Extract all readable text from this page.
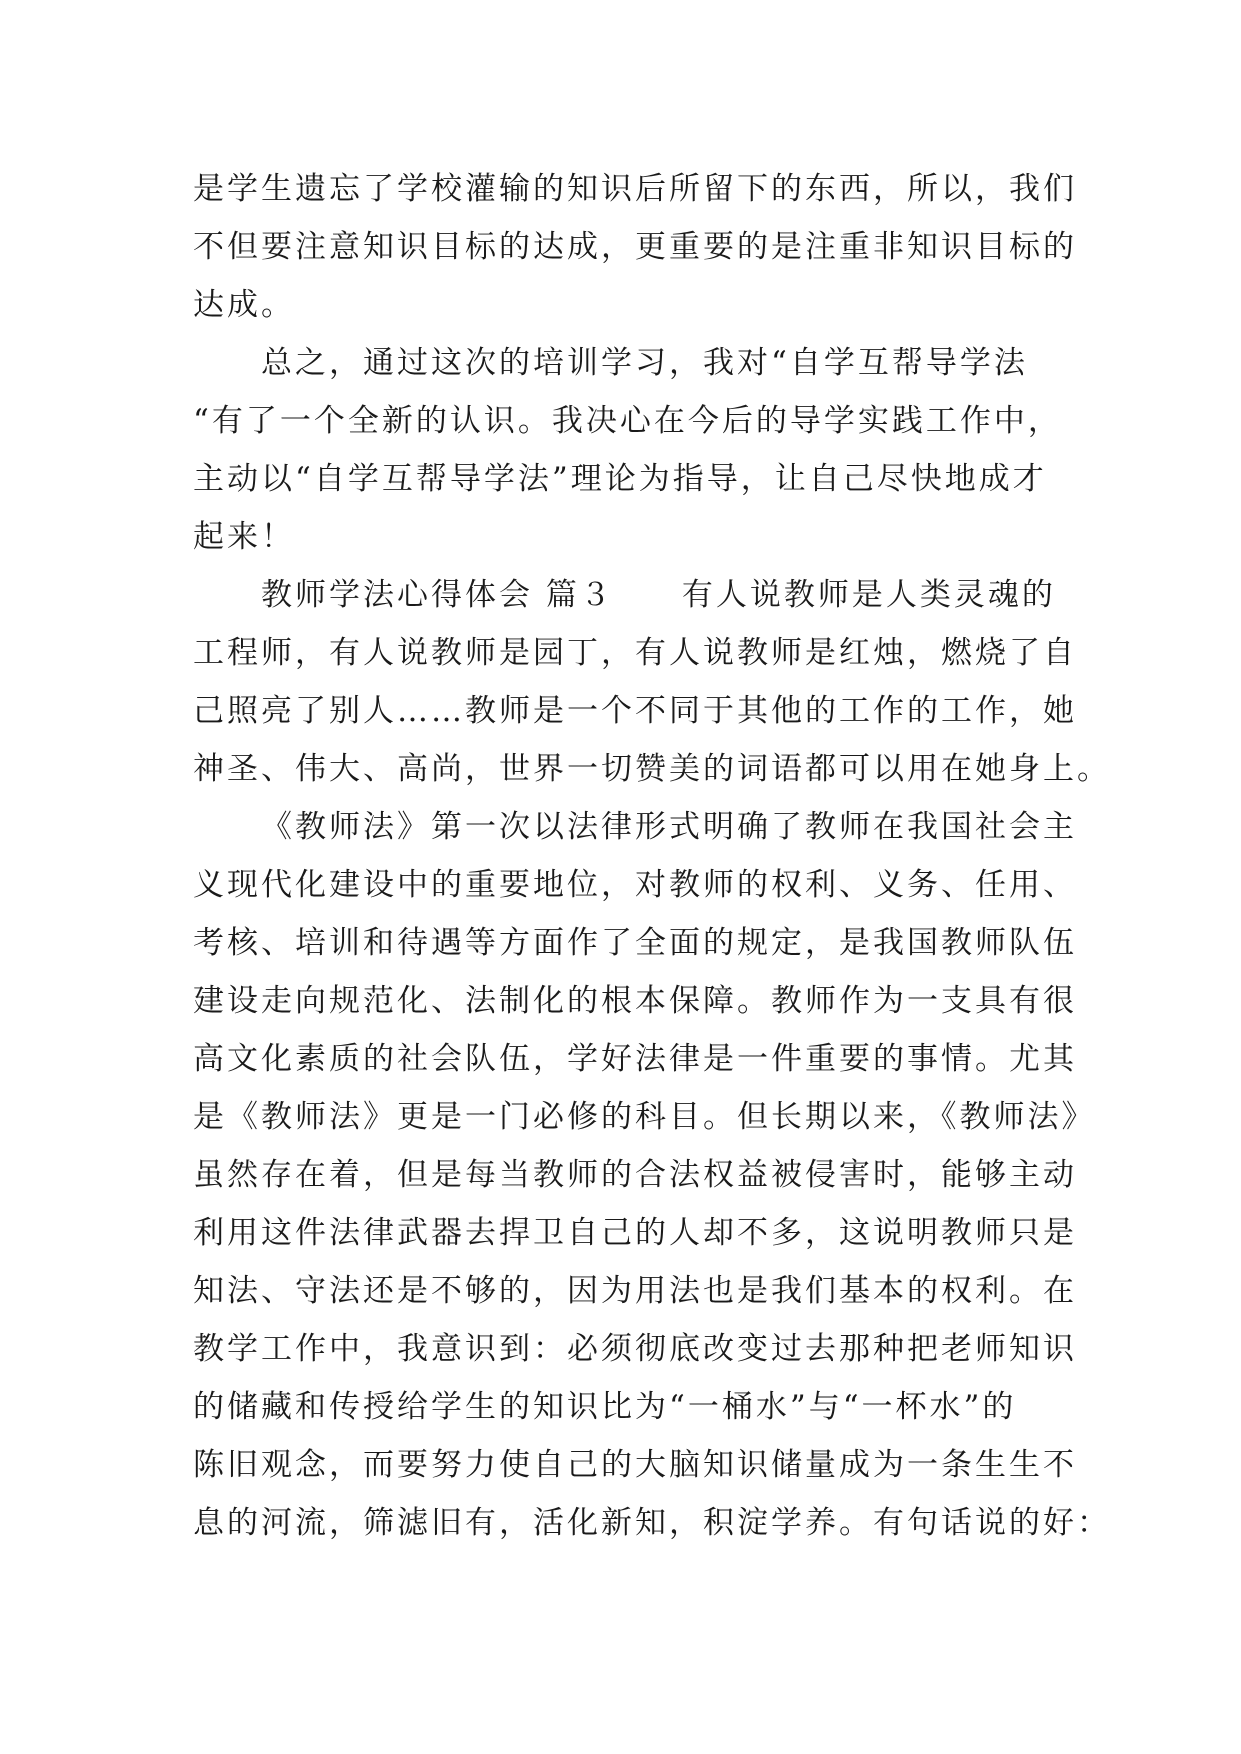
是学生遗忘了学校灌输的知识后所留下的东西，所以，我们
不但要注意知识目标的达成，更重要的是注重非知识目标的
达成。
总之，通过这次的培训学习，我对“自学互帮导学法
“有了一个全新的认识。我决心在今后的导学实践工作中，
主动以“自学互帮导学法”理论为指导，让自己尽快地成才
起来！
教师学法心得体会 篇３　　有人说教师是人类灵魂的
工程师，有人说教师是园丁，有人说教师是红烛，燃烧了自
己照亮了别人……教师是一个不同于其他的工作的工作，她
神圣、伟大、高尚，世界一切赞美的词语都可以用在她身上。
《教师法》第一次以法律形式明确了教师在我国社会主
义现代化建设中的重要地位，对教师的权利、义务、任用、
考核、培训和待遇等方面作了全面的规定，是我国教师队伍
建设走向规范化、法制化的根本保障。教师作为一支具有很
高文化素质的社会队伍，学好法律是一件重要的事情。尤其
是《教师法》更是一门必修的科目。但长期以来，《教师法》
虽然存在着，但是每当教师的合法权益被侵害时，能够主动
利用这件法律武器去捍卫自己的人却不多，这说明教师只是
知法、守法还是不够的，因为用法也是我们基本的权利。在
教学工作中，我意识到：必须彻底改变过去那种把老师知识
的储藏和传授给学生的知识比为“一桶水”与“一杯水”的
陈旧观念，而要努力使自己的大脑知识储量成为一条生生不
息的河流，筛滤旧有，活化新知，积淀学养。有句话说的好：
